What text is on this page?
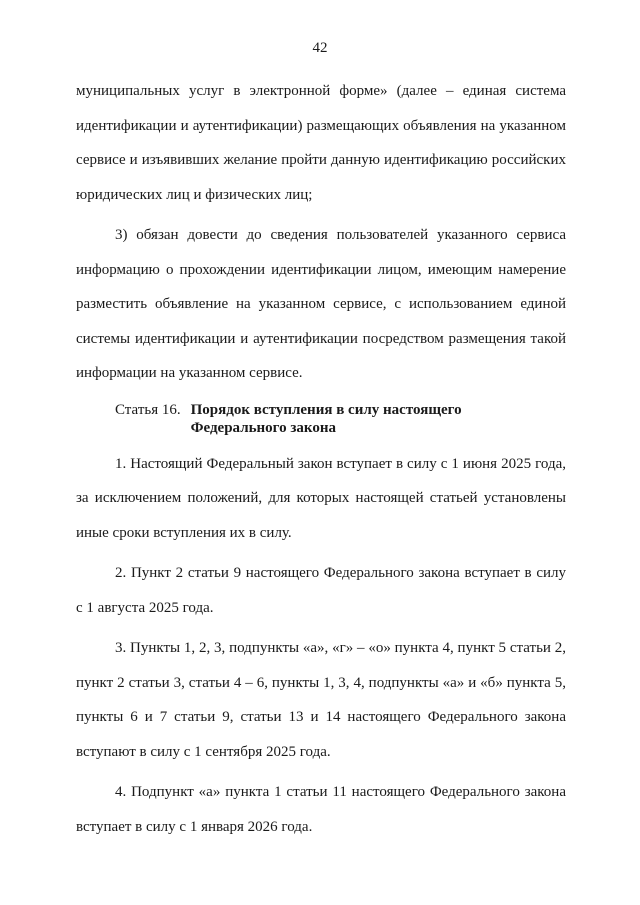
42

муниципальных услуг в электронной форме» (далее – единая система идентификации и аутентификации) размещающих объявления на указанном сервисе и изъявивших желание пройти данную идентификацию российских юридических лиц и физических лиц;

3) обязан довести до сведения пользователей указанного сервиса информацию о прохождении идентификации лицом, имеющим намерение разместить объявление на указанном сервисе, с использованием единой системы идентификации и аутентификации посредством размещения такой информации на указанном сервисе.

Статья 16. Порядок вступления в силу настоящего Федерального закона

1. Настоящий Федеральный закон вступает в силу с 1 июня 2025 года, за исключением положений, для которых настоящей статьей установлены иные сроки вступления их в силу.

2. Пункт 2 статьи 9 настоящего Федерального закона вступает в силу с 1 августа 2025 года.

3. Пункты 1, 2, 3, подпункты «а», «г» – «о» пункта 4, пункт 5 статьи 2, пункт 2 статьи 3, статьи 4 – 6, пункты 1, 3, 4, подпункты «а» и «б» пункта 5, пункты 6 и 7 статьи 9, статьи 13 и 14 настоящего Федерального закона вступают в силу с 1 сентября 2025 года.

4. Подпункт «а» пункта 1 статьи 11 настоящего Федерального закона вступает в силу с 1 января 2026 года.
